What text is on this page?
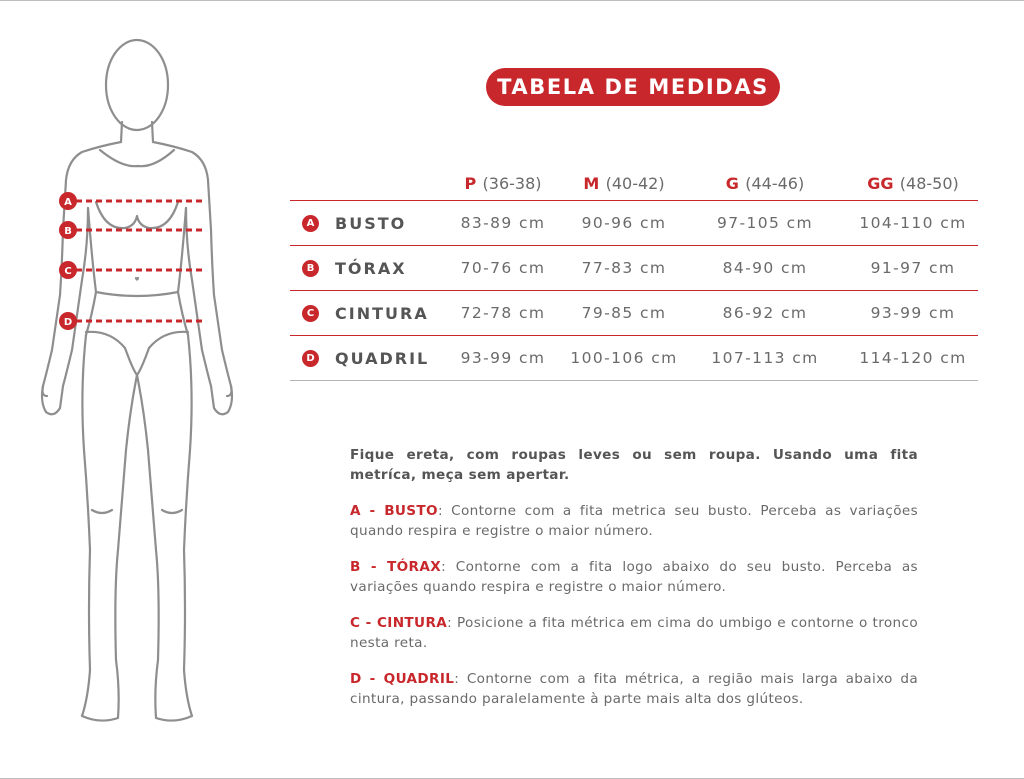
A
B
C
D
TABELA DE MEDIDAS
P (36-38)	M (40-42)	G (44-46)	GG (48-50)
A BUSTO	83-89 cm	90-96 cm	97-105 cm	104-110 cm
B TÓRAX	70-76 cm	77-83 cm	84-90 cm	91-97 cm
C	CINTURA	72-78 cm	79-85 cm	86-92 cm	93-99 cm
D QUADRIL	93-99 cm	100-106 cm	107-113 cm	114-120 cm

Fique ereta, com roupas leves ou sem roupa. Usando uma fita metríca, meça sem apertar.

A - BUSTO: Contorne com a fita metrica seu busto. Perceba as variações quando respira e registre o maior número.

B - TÓRAX: Contorne com a fita logo abaixo do seu busto. Perceba as variações quando respira e registre o maior número.

C - CINTURA: Posicione a fita métrica em cima do umbigo e contorne o tronco nesta reta.

D - QUADRIL: Contorne com a fita métrica, a região mais larga abaixo da cintura, passando paralelamente à parte mais alta dos glúteos.
